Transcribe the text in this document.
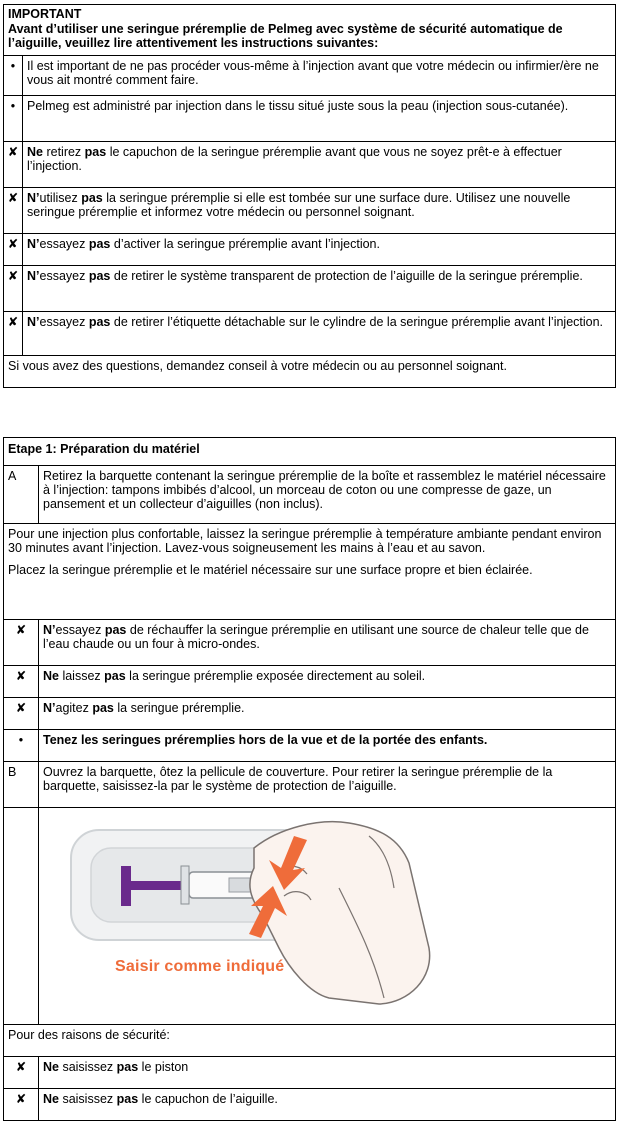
IMPORTANT
Avant d’utiliser une seringue préremplie de Pelmeg avec système de sécurité automatique de l’aiguille, veuillez lire attentivement les instructions suivantes:	

•	Il est important de ne pas procéder vous-même à l’injection avant que votre médecin ou infirmier/ère ne vous ait montré comment faire.
•	Pelmeg est administré par injection dans le tissu situé juste sous la peau (injection sous-cutanée).
✘	Ne retirez pas le capuchon de la seringue préremplie avant que vous ne soyez prêt-e à effectuer l’injection.
✘	N’utilisez pas la seringue préremplie si elle est tombée sur une surface dure. Utilisez une nouvelle seringue préremplie et informez votre médecin ou personnel soignant.
✘	N’essayez pas d’activer la seringue préremplie avant l’injection.
✘	N’essayez pas de retirer le système transparent de protection de l’aiguille de la seringue préremplie.
✘	N’essayez pas de retirer l’étiquette détachable sur le cylindre de la seringue préremplie avant l’injection.
Si vous avez des questions, demandez conseil à votre médecin ou au personnel soignant.	
Etape 1: Préparation du matériel	
A	Retirez la barquette contenant la seringue préremplie de la boîte et rassemblez le matériel nécessaire à l’injection: tampons imbibés d’alcool, un morceau de coton ou une compresse de gaze, un pansement et un collecteur d’aiguilles (non inclus).

Pour une injection plus confortable, laissez la seringue préremplie à température ambiante pendant environ 30 minutes avant l’injection. Lavez-vous soigneusement les mains à l’eau et au savon.
Placez la seringue préremplie et le matériel nécessaire sur une surface propre et bien éclairée.	

✘	N’essayez pas de réchauffer la seringue préremplie en utilisant une source de chaleur telle que de l’eau chaude ou un four à micro-ondes.
✘	Ne laissez pas la seringue préremplie exposée directement au soleil.
✘	N’agitez pas la seringue préremplie.
•	Tenez les seringues préremplies hors de la vue et de la portée des enfants.
B	Ouvrez la barquette, ôtez la pellicule de couverture. Pour retirer la seringue préremplie de la barquette, saisissez-la par le système de protection de l’aiguille.

	Saisir comme indiqué

Pour des raisons de sécurité:	
✘	Ne saisissez pas le piston
✘	Ne saisissez pas le capuchon de l’aiguille.
